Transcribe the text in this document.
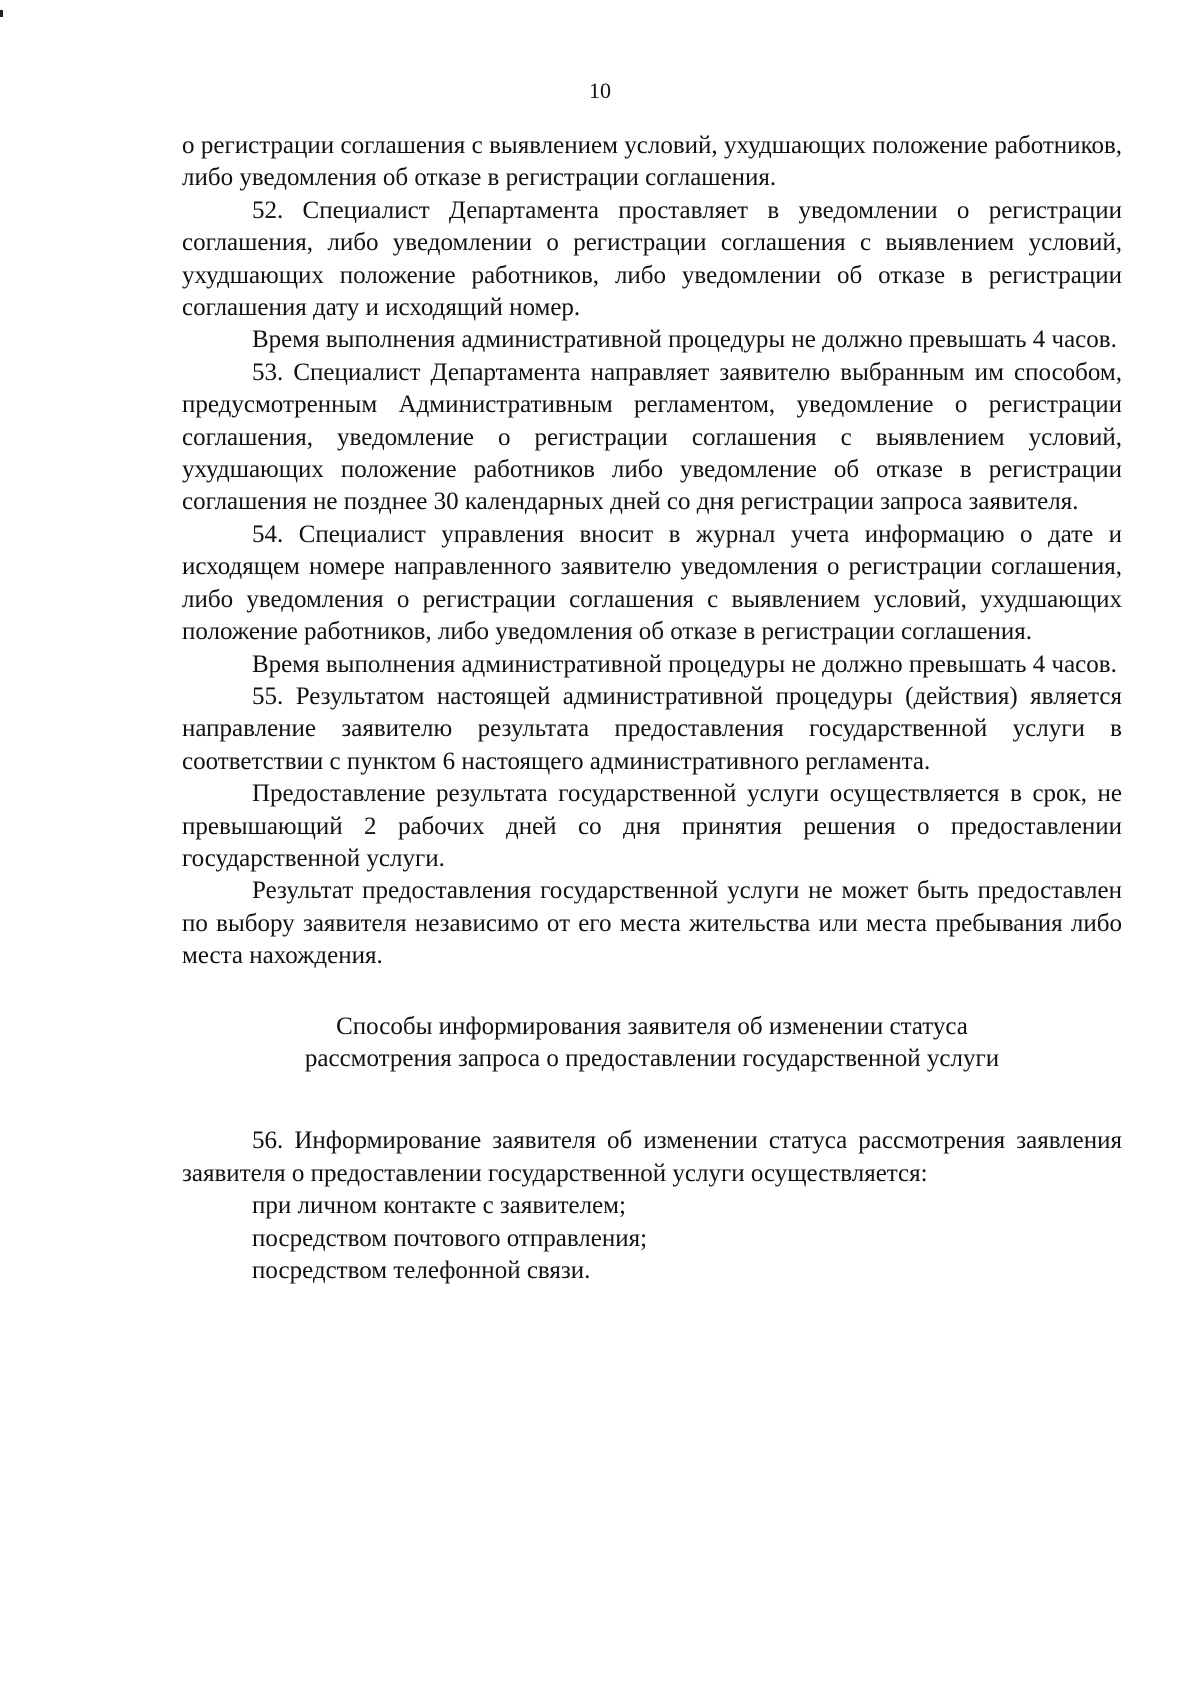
10

о регистрации соглашения с выявлением условий, ухудшающих положение работников, либо уведомления об отказе в регистрации соглашения.

52. Специалист Департамента проставляет в уведомлении о регистрации соглашения, либо уведомлении о регистрации соглашения с выявлением условий, ухудшающих положение работников, либо уведомлении об отказе в регистрации соглашения дату и исходящий номер.

Время выполнения административной процедуры не должно превышать 4 часов.

53. Специалист Департамента направляет заявителю выбранным им способом, предусмотренным Административным регламентом, уведомление о регистрации соглашения, уведомление о регистрации соглашения с выявлением условий, ухудшающих положение работников либо уведомление об отказе в регистрации соглашения не позднее 30 календарных дней со дня регистрации запроса заявителя.

54. Специалист управления вносит в журнал учета информацию о дате и исходящем номере направленного заявителю уведомления о регистрации соглашения, либо уведомления о регистрации соглашения с выявлением условий, ухудшающих положение работников, либо уведомления об отказе в регистрации соглашения.

Время выполнения административной процедуры не должно превышать 4 часов.

55. Результатом настоящей административной процедуры (действия) является направление заявителю результата предоставления государственной услуги в соответствии с пунктом 6 настоящего административного регламента.

Предоставление результата государственной услуги осуществляется в срок, не превышающий 2 рабочих дней со дня принятия решения о предоставлении государственной услуги.

Результат предоставления государственной услуги не может быть предоставлен по выбору заявителя независимо от его места жительства или места пребывания либо места нахождения.

Способы информирования заявителя об изменении статуса
рассмотрения запроса о предоставлении государственной услуги

56. Информирование заявителя об изменении статуса рассмотрения заявления заявителя о предоставлении государственной услуги осуществляется:

при личном контакте с заявителем;

посредством почтового отправления;

посредством телефонной связи.
